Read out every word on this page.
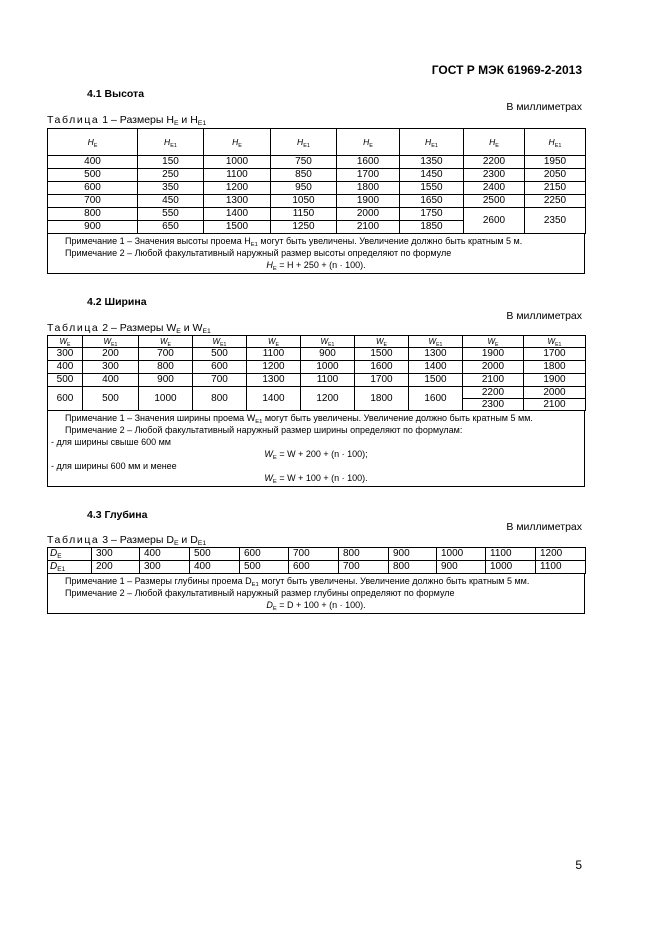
ГОСТ Р МЭК 61969-2-2013
4.1 Высота
В миллиметрах
Таблица 1 – Размеры $H_E$ и $H_{E1}$
$H_E$	$H_{E1}$	$H_E$	$H_{E1}$	$H_E$	$H_{E1}$	$H_E$	$H_{E1}$
400	150	1000	750	1600	1350	2200	1950
500	250	1100	850	1700	1450	2300	2050
600	350	1200	950	1800	1550	2400	2150
700	450	1300	1050	1900	1650	2500	2250
800	550	1400	1150	2000	1750	2600	2350
900	650	1500	1250	2100	1850		

Примечание 1 – Значения высоты проема $H_{E1}$ могут быть увеличены. Увеличение должно быть кратным 5 м.

Примечание 2 – Любой факультативный наружный размер высоты определяют по формуле

$H_E = H + 250 + (n \cdot 100)$.

4.2 Ширина
В миллиметрах
Таблица 2 – Размеры $W_E$ и $W_{E1}$
$W_E$	$W_{E1}$	$W_E$	$W_{E1}$	$W_E$	$W_{E1}$	$W_E$	$W_{E1}$	$W_E$	$W_{E1}$
300	200	700	500	1100	900	1500	1300	1900	1700
400	300	800	600	1200	1000	1600	1400	2000	1800
500	400	900	700	1300	1100	1700	1500	2100	1900
600	500	1000	800	1400	1200	1800	1600	2200	2000
								2300	2100

Примечание 1 – Значения ширины проема $W_{E1}$ могут быть увеличены. Увеличение должно быть кратным 5 мм.

Примечание 2 – Любой факультативный наружный размер ширины определяют по формулам:

- для ширины свыше 600 мм

$W_E = W + 200 + (n \cdot 100)$;

- для ширины 600 мм и менее

$W_E = W + 100 + (n \cdot 100)$.

4.3 Глубина
В миллиметрах
Таблица 3 – Размеры $D_E$ и $D_{E1}$
$D_E$	300	400	500	600	700	800	900	1000	1100	1200
$D_{E1}$	200	300	400	500	600	700	800	900	1000	1100

Примечание 1 – Размеры глубины проема $D_{E1}$ могут быть увеличены. Увеличение должно быть кратным 5 мм.

Примечание 2 – Любой факультативный наружный размер глубины определяют по формуле

$D_E = D + 100 + (n \cdot 100)$.

5
